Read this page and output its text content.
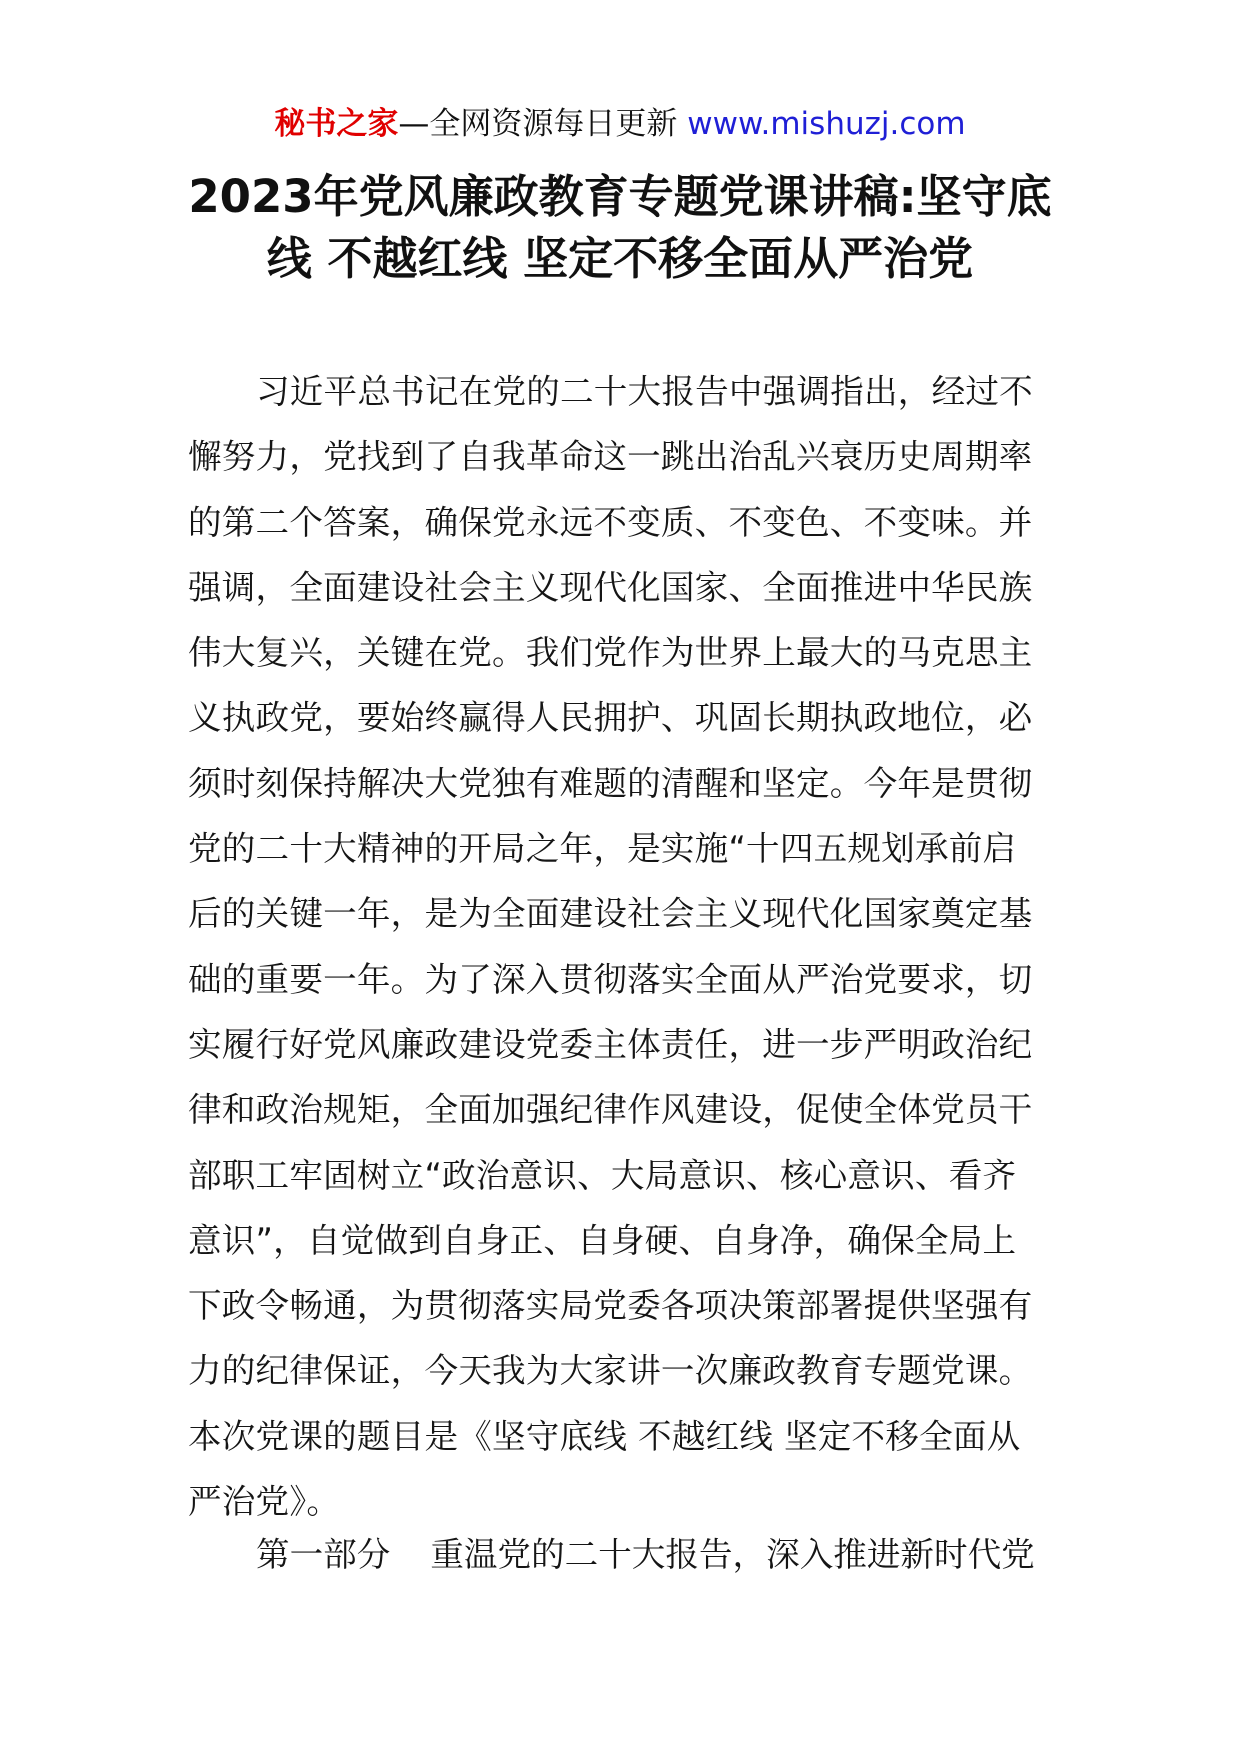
秘书之家—全网资源每日更新 www.mishuzj.com
2023年党风廉政教育专题党课讲稿:坚守底
线 不越红线 坚定不移全面从严治党
习近平总书记在党的二十大报告中强调指出，经过不
懈努力，党找到了自我革命这一跳出治乱兴衰历史周期率
的第二个答案，确保党永远不变质、不变色、不变味。并
强调，全面建设社会主义现代化国家、全面推进中华民族
伟大复兴，关键在党。我们党作为世界上最大的马克思主
义执政党，要始终赢得人民拥护、巩固长期执政地位，必
须时刻保持解决大党独有难题的清醒和坚定。今年是贯彻
党的二十大精神的开局之年，是实施“十四五规划承前启
后的关键一年，是为全面建设社会主义现代化国家奠定基
础的重要一年。为了深入贯彻落实全面从严治党要求，切
实履行好党风廉政建设党委主体责任，进一步严明政治纪
律和政治规矩，全面加强纪律作风建设，促使全体党员干
部职工牢固树立“政治意识、大局意识、核心意识、看齐
意识”，自觉做到自身正、自身硬、自身净，确保全局上
下政令畅通，为贯彻落实局党委各项决策部署提供坚强有
力的纪律保证，今天我为大家讲一次廉政教育专题党课。
本次党课的题目是《坚守底线 不越红线 坚定不移全面从
严治党》。
第一部分 重温党的二十大报告，深入推进新时代党
